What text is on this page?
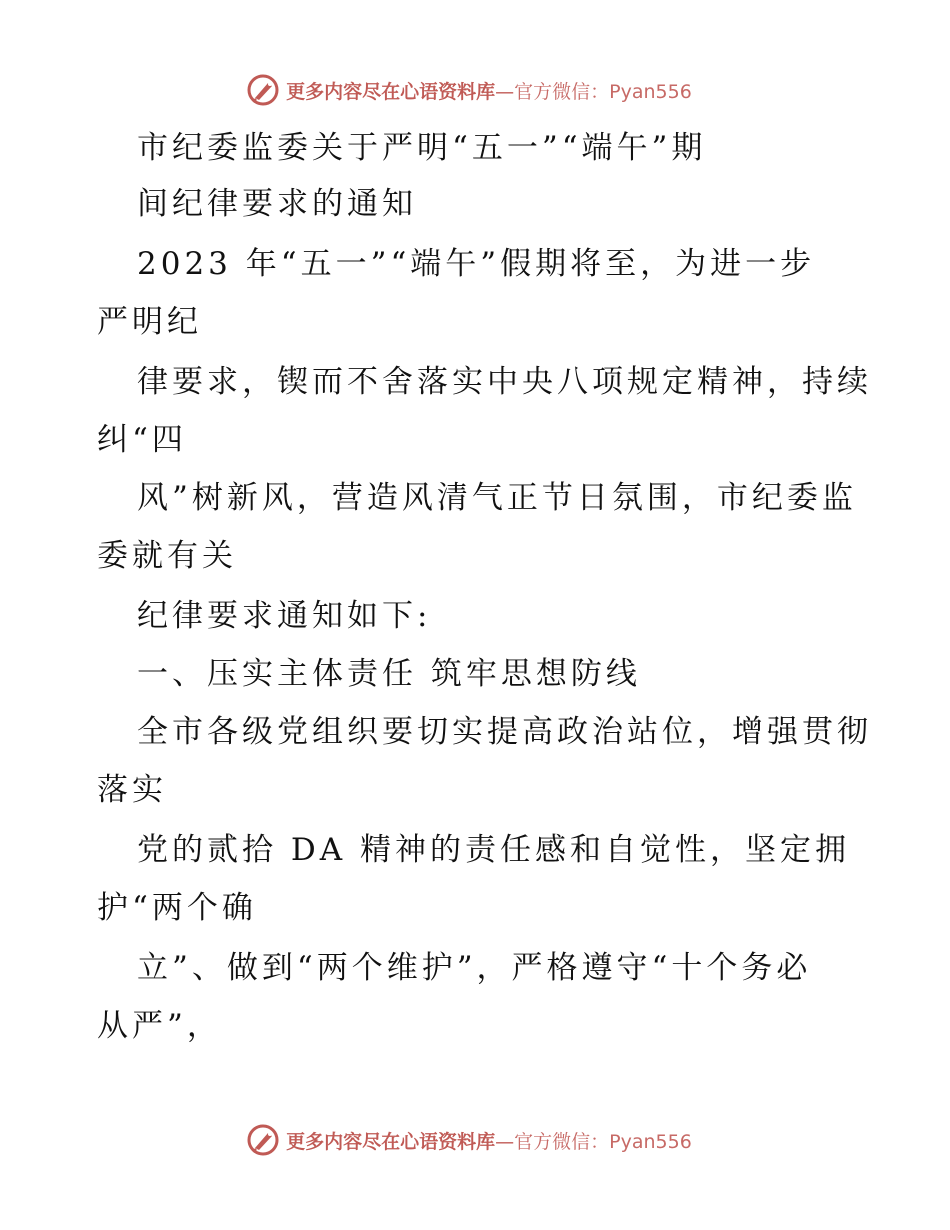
更多内容尽在心语资料库—官方微信：Pyan556
市纪委监委关于严明“五一”“端午”期
间纪律要求的通知
2023 年“五一”“端午”假期将至，为进一步
严明纪
律要求，锲而不舍落实中央八项规定精神，持续
纠“四
风”树新风，营造风清气正节日氛围，市纪委监
委就有关
纪律要求通知如下:
一、压实主体责任 筑牢思想防线
全市各级党组织要切实提高政治站位，增强贯彻
落实
党的贰拾 DA 精神的责任感和自觉性，坚定拥
护“两个确
立”、做到“两个维护”，严格遵守“十个务必
从严”，
更多内容尽在心语资料库—官方微信：Pyan556
